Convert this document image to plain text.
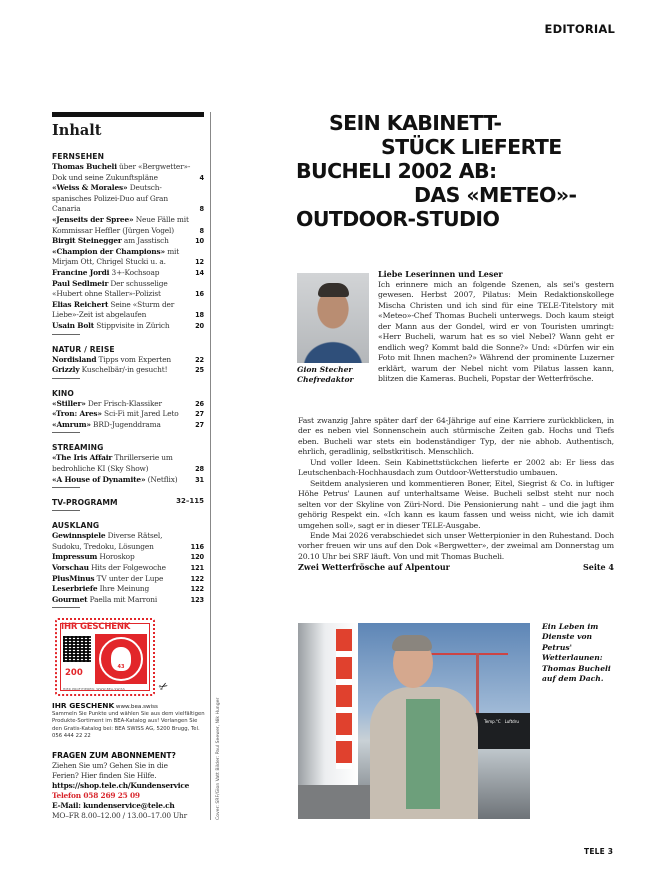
EDITORIAL
Inhalt
FERNSEHEN
Thomas Bucheli über «Bergwetter»-Dok und seine Zukunftspläne	4
«Weiss & Morales» Deutsch-spanisches Polizei-Duo auf Gran Canaria	8
«Jenseits der Spree» Neue Fälle mit Kommissar Heffler (Jürgen Vogel)	8
Birgit Steinegger am Jasstisch	10
«Champion der Champions» mit Mirjam Ott, Chrigel Stucki u. a.	12
Francine Jordi 3+-Kochsoap	14
Paul Sedlmeir Der schusselige «Hubert ohne Staller»-Polizist	16
Elias Reichert Seine «Sturm der Liebe»-Zeit ist abgelaufen	18
Usain Bolt Stippvisite in Zürich	20
NATUR / REISE
Nordisland Tipps vom Experten	22
Grizzly Kuschelbär/-in gesucht!	25
KINO
«Stiller» Der Frisch-Klassiker	26
«Tron: Ares» Sci-Fi mit Jared Leto	27
«Amrum» BRD-Jugenddrama	27
STREAMING
«The Iris Affair Thrillerserie um bedrohliche KI (Sky Show)	28
«A House of Dynamite» (Netflix)	31
TV-PROGRAMM	32–115
AUSKLANG
Gewinnspiele Diverse Rätsel, Sudoku, Tredoku, Lösungen	116
Impressum Horoskop	120
Vorschau Hits der Folgewoche	121
PlusMinus TV unter der Lupe	122
Leserbriefe Ihre Meinung	122
Gourmet Paella mit Marroni	123
Cover: SRF/Gion Vatt Bilder: Paul Seewer, Nik Hunger
IHR GESCHENK
200
43
HIER PROFITIEREN: WWW.BEA.SWISS	✂
IHR GESCHENK www.bea.swiss
Sammeln Sie Punkte und wählen Sie aus dem vielfältigen Produkte-Sortiment im BEA-Katalog aus! Verlangen Sie den Gratis-Katalog bei: BEA SWISS AG, 5200 Brugg, Tel. 056 444 22 22
FRAGEN ZUM ABONNEMENT?
Ziehen Sie um? Gehen Sie in die
Ferien? Hier finden Sie Hilfe.
https://shop.tele.ch/Kundenservice
Telefon 058 269 25 09
E-Mail: kundenservice@tele.ch
MO–FR 8.00–12.00 / 13.00–17.00 Uhr
SEIN KABINETT-
STÜCK LIEFERTE
BUCHELI 2002 AB:
DAS «METEO»-
OUTDOOR-STUDIO
Gion Stecher
Chefredaktor
Liebe Leserinnen und Leser

Ich erinnere mich an folgende Szenen, als sei's gestern gewesen. Herbst 2007, Pilatus: Mein Redaktionskollege Mischa Christen und ich sind für eine TELE-Titelstory mit «Meteo»-Chef Thomas Bucheli unterwegs. Doch kaum steigt der Mann aus der Gondel, wird er von Touristen umringt: «Herr Bucheli, warum hat es so viel Nebel? Wann geht er endlich weg? Kommt bald die Sonne?» Und: «Dürfen wir ein Foto mit Ihnen machen?» Während der prominente Luzerner erklärt, warum der Nebel nicht vom Pilatus lassen kann, blitzen die Kameras. Bucheli, Popstar der Wetterfrösche.

Fast zwanzig Jahre später darf der 64-Jährige auf eine Karriere zurückblicken, in der es neben viel Sonnenschein auch stürmische Zeiten gab. Hochs und Tiefs eben. Bucheli war stets ein bodenständiger Typ, der nie abhob. Authentisch, ehrlich, geradlinig, selbstkritisch. Menschlich.

Und voller Ideen. Sein Kabinettstückchen lieferte er 2002 ab: Er liess das Leutschenbach-Hochhausdach zum Outdoor-Wetterstudio umbauen.

Seitdem analysieren und kommentieren Boner, Eitel, Siegrist & Co. in luftiger Höhe Petrus' Launen auf unterhaltsame Weise. Bucheli selbst steht nur noch selten vor der Skyline von Züri-Nord. Die Pensionierung naht – und die jagt ihm gehörig Respekt ein. «Ich kann es kaum fassen und weiss nicht, wie ich damit umgehen soll», sagt er in dieser TELE-Ausgabe.

Ende Mai 2026 verabschiedet sich unser Wetterpionier in den Ruhestand. Doch vorher freuen wir uns auf den Dok «Bergwetter», der zweimal am Donnerstag um 20.10 Uhr bei SRF läuft. Von und mit Thomas Bucheli.

Zwei Wetterfrösche auf Alpentour	Seite 4
Temp.°C Luftdru
Ein Leben im Dienste von Petrus' Wetterlaunen: Thomas Bucheli auf dem Dach.
TELE 3
